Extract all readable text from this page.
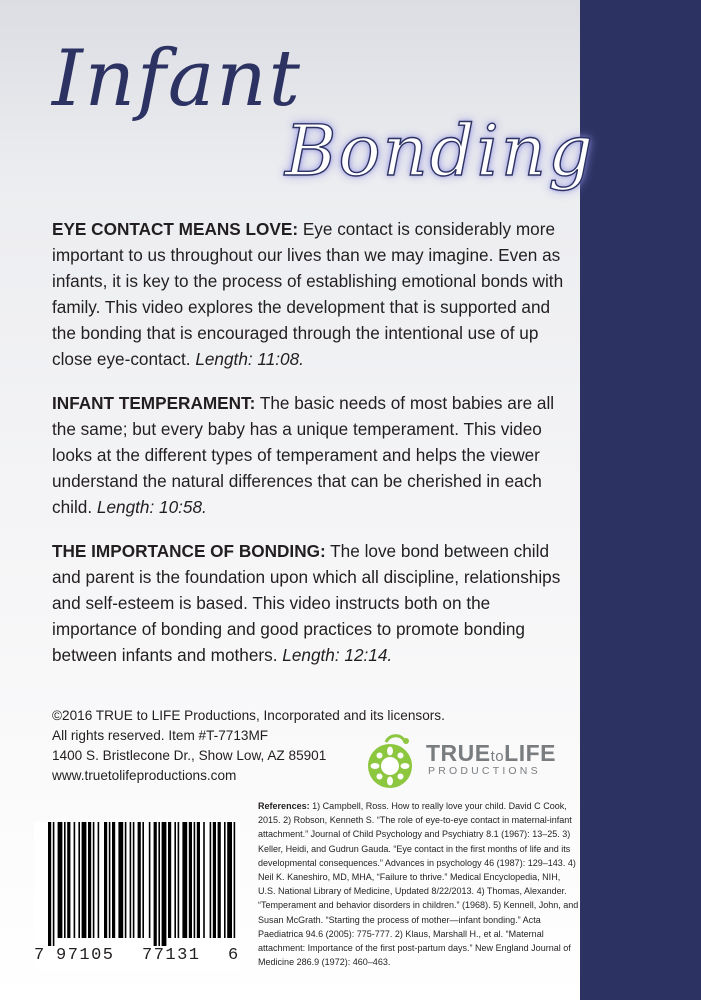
Infant
Bonding

EYE CONTACT MEANS LOVE: Eye contact is considerably more important to us throughout our lives than we may imagine. Even as infants, it is key to the process of establishing emotional bonds with family. This video explores the development that is supported and the bonding that is encouraged through the intentional use of up close eye-contact. Length: 11:08.

INFANT TEMPERAMENT: The basic needs of most babies are all the same; but every baby has a unique temperament. This video looks at the different types of temperament and helps the viewer understand the natural differences that can be cherished in each child. Length: 10:58.

THE IMPORTANCE OF BONDING: The love bond between child and parent is the foundation upon which all discipline, relationships and self-esteem is based. This video instructs both on the importance of bonding and good practices to promote bonding between infants and mothers. Length: 12:14.

©2016 TRUE to LIFE Productions, Incorporated and its licensors.
All rights reserved. Item #T-7713MF
1400 S. Bristlecone Dr., Show Low, AZ 85901
www.truetolifeproductions.com
TRUEtoLIFE
PRODUCTIONS
7 97105 77131 6
References: 1) Campbell, Ross. How to really love your child. David C Cook, 2015. 2) Robson, Kenneth S. “The role of eye-to-eye contact in maternal-infant attachment.” Journal of Child Psychology and Psychiatry 8.1 (1967): 13–25. 3) Keller, Heidi, and Gudrun Gauda. “Eye contact in the first months of life and its developmental consequences.” Advances in psychology 46 (1987): 129–143. 4) Neil K. Kaneshiro, MD, MHA, “Failure to thrive.” Medical Encyclopedia, NIH, U.S. National Library of Medicine, Updated 8/22/2013. 4) Thomas, Alexander. “Temperament and behavior disorders in children.” (1968). 5) Kennell, John, and Susan McGrath. “Starting the process of mother—infant bonding.” Acta Paediatrica 94.6 (2005): 775-777. 2) Klaus, Marshall H., et al. “Maternal attachment: Importance of the first post-partum days.” New England Journal of Medicine 286.9 (1972): 460–463.
